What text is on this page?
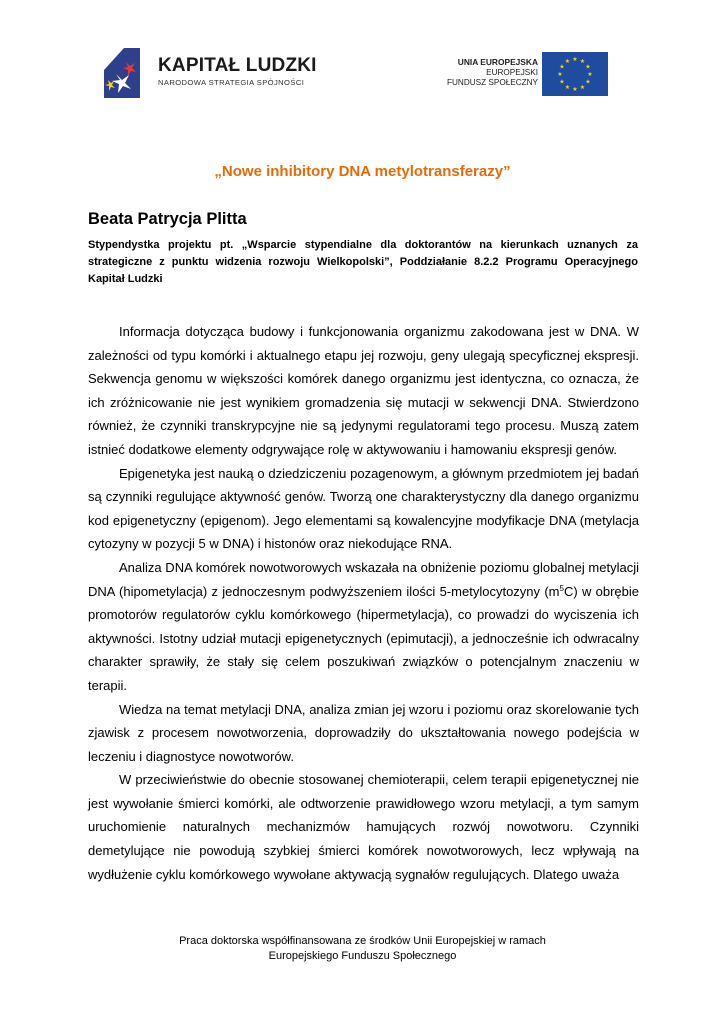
KAPITAŁ LUDZKI
NARODOWA STRATEGIA SPÓJNOŚCI
UNIA EUROPEJSKA
EUROPEJSKI
FUNDUSZ SPOŁECZNY
★ ★
★
★
★
★
★
★
★
★
★
★
„Nowe inhibitory DNA metylotransferazy”
Beata Patrycja Plitta
Stypendystka projektu pt. „Wsparcie stypendialne dla doktorantów na kierunkach uznanych za strategiczne z punktu widzenia rozwoju Wielkopolski”, Poddziałanie 8.2.2 Programu Operacyjnego Kapitał Ludzki

Informacja dotycząca budowy i funkcjonowania organizmu zakodowana jest w DNA. W zależności od typu komórki i aktualnego etapu jej rozwoju, geny ulegają specyficznej ekspresji. Sekwencja genomu w większości komórek danego organizmu jest identyczna, co oznacza, że ich zróżnicowanie nie jest wynikiem gromadzenia się mutacji w sekwencji DNA. Stwierdzono również, że czynniki transkrypcyjne nie są jedynymi regulatorami tego procesu. Muszą zatem istnieć dodatkowe elementy odgrywające rolę w aktywowaniu i hamowaniu ekspresji genów.

Epigenetyka jest nauką o dziedziczeniu pozagenowym, a głównym przedmiotem jej badań są czynniki regulujące aktywność genów. Tworzą one charakterystyczny dla danego organizmu kod epigenetyczny (epigenom). Jego elementami są kowalencyjne modyfikacje DNA (metylacja cytozyny w pozycji 5 w DNA) i histonów oraz niekodujące RNA.

Analiza DNA komórek nowotworowych wskazała na obniżenie poziomu globalnej metylacji DNA (hipometylacja) z jednoczesnym podwyższeniem ilości 5-metylocytozyny $(m^5C)$ w obrębie promotorów regulatorów cyklu komórkowego (hipermetylacja), co prowadzi do wyciszenia ich aktywności. Istotny udział mutacji epigenetycznych (epimutacji), a jednocześnie ich odwracalny charakter sprawiły, że stały się celem poszukiwań związków o potencjalnym znaczeniu w terapii.

Wiedza na temat metylacji DNA, analiza zmian jej wzoru i poziomu oraz skorelowanie tych zjawisk z procesem nowotworzenia, doprowadziły do ukształtowania nowego podejścia w leczeniu i diagnostyce nowotworów.

W przeciwieństwie do obecnie stosowanej chemioterapii, celem terapii epigenetycznej nie jest wywołanie śmierci komórki, ale odtworzenie prawidłowego wzoru metylacji, a tym samym uruchomienie naturalnych mechanizmów hamujących rozwój nowotworu. Czynniki demetylujące nie powodują szybkiej śmierci komórek nowotworowych, lecz wpływają na wydłużenie cyklu komórkowego wywołane aktywacją sygnałów regulujących. Dlatego uważa

Praca doktorska współfinansowana ze środków Unii Europejskiej w ramach
Europejskiego Funduszu Społecznego
